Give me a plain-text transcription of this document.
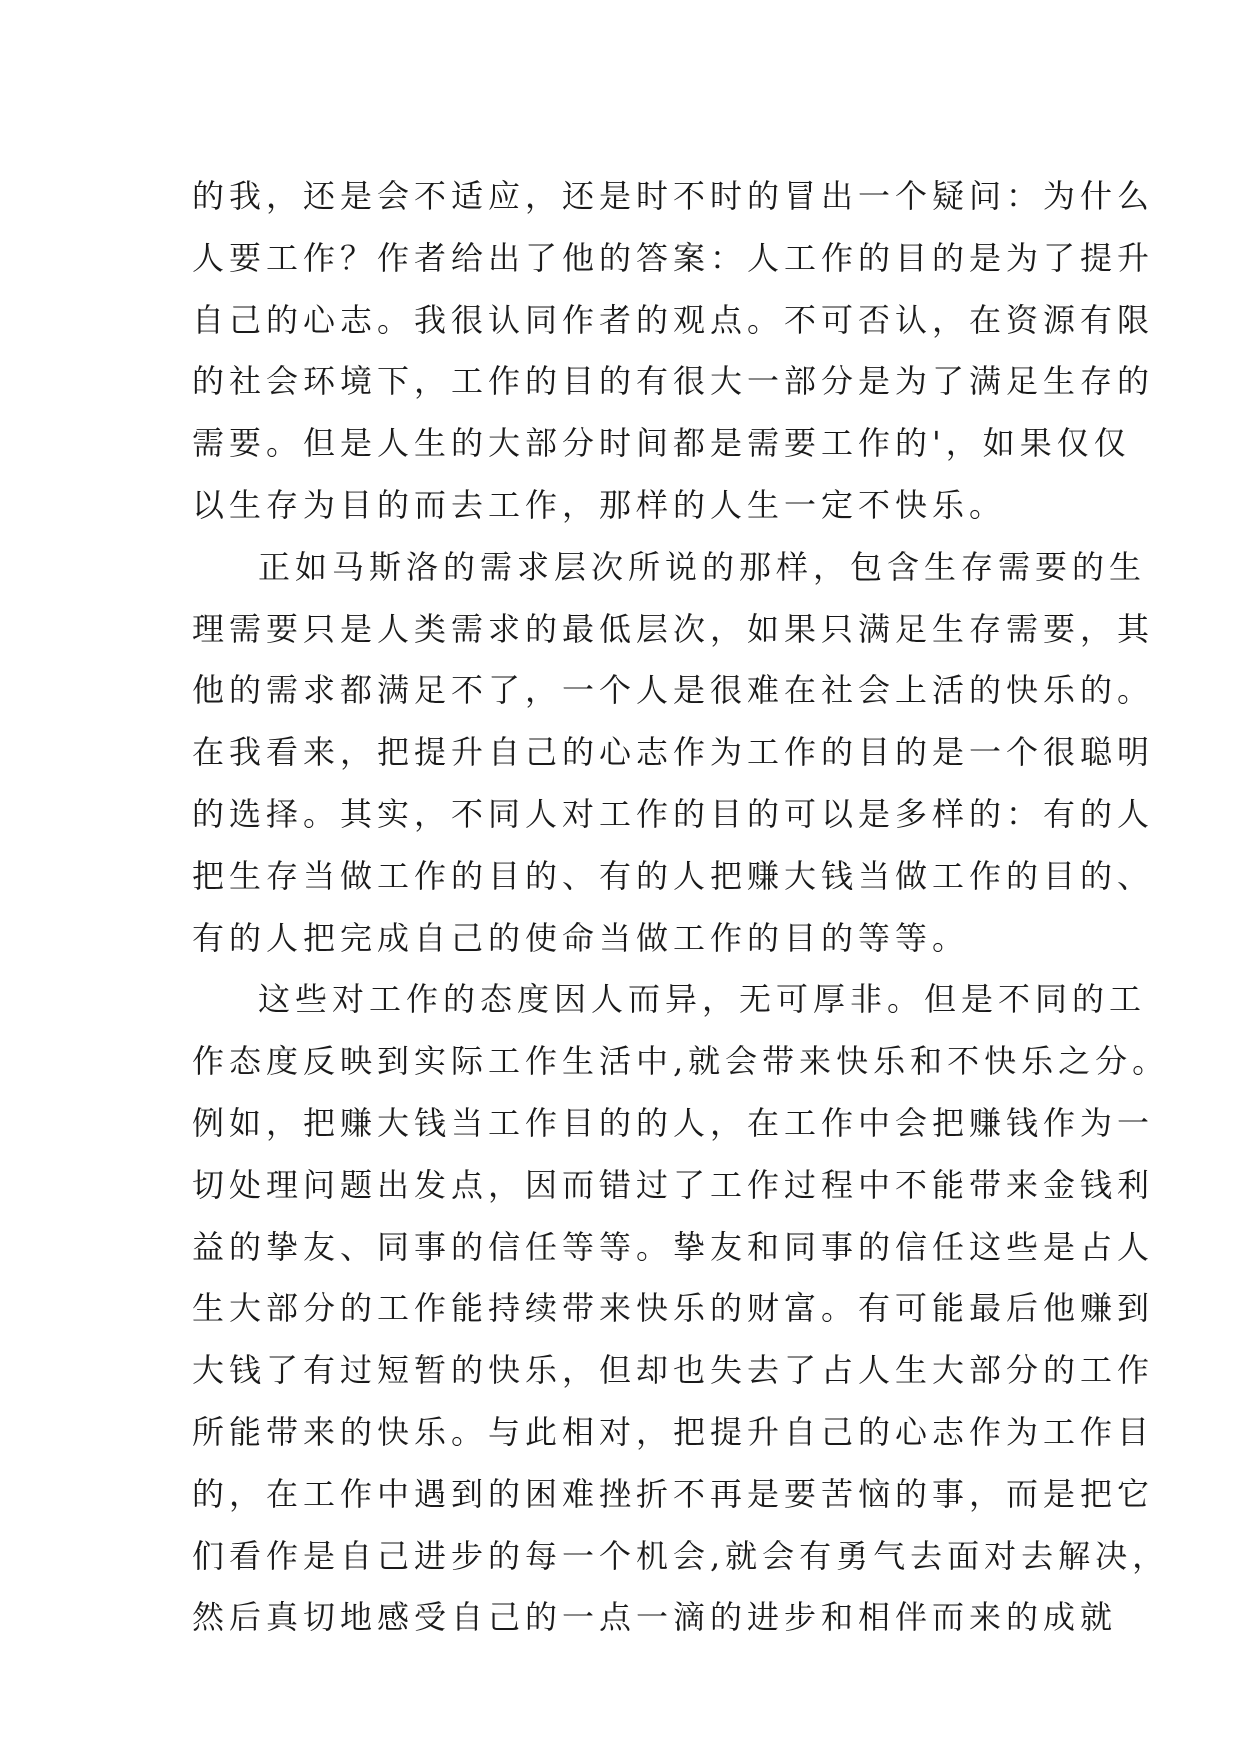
的我，还是会不适应，还是时不时的冒出一个疑问：为什么
人要工作？作者给出了他的答案：人工作的目的是为了提升
自己的心志。我很认同作者的观点。不可否认，在资源有限
的社会环境下，工作的目的有很大一部分是为了满足生存的
需要。但是人生的大部分时间都是需要工作的'，如果仅仅
以生存为目的而去工作，那样的人生一定不快乐。
正如马斯洛的需求层次所说的那样，包含生存需要的生
理需要只是人类需求的最低层次，如果只满足生存需要，其
他的需求都满足不了，一个人是很难在社会上活的快乐的。
在我看来，把提升自己的心志作为工作的目的是一个很聪明
的选择。其实，不同人对工作的目的可以是多样的：有的人
把生存当做工作的目的、有的人把赚大钱当做工作的目的、
有的人把完成自己的使命当做工作的目的等等。
这些对工作的态度因人而异，无可厚非。但是不同的工
作态度反映到实际工作生活中,就会带来快乐和不快乐之分。
例如，把赚大钱当工作目的的人，在工作中会把赚钱作为一
切处理问题出发点，因而错过了工作过程中不能带来金钱利
益的挚友、同事的信任等等。挚友和同事的信任这些是占人
生大部分的工作能持续带来快乐的财富。有可能最后他赚到
大钱了有过短暂的快乐，但却也失去了占人生大部分的工作
所能带来的快乐。与此相对，把提升自己的心志作为工作目
的，在工作中遇到的困难挫折不再是要苦恼的事，而是把它
们看作是自己进步的每一个机会,就会有勇气去面对去解决，
然后真切地感受自己的一点一滴的进步和相伴而来的成就
